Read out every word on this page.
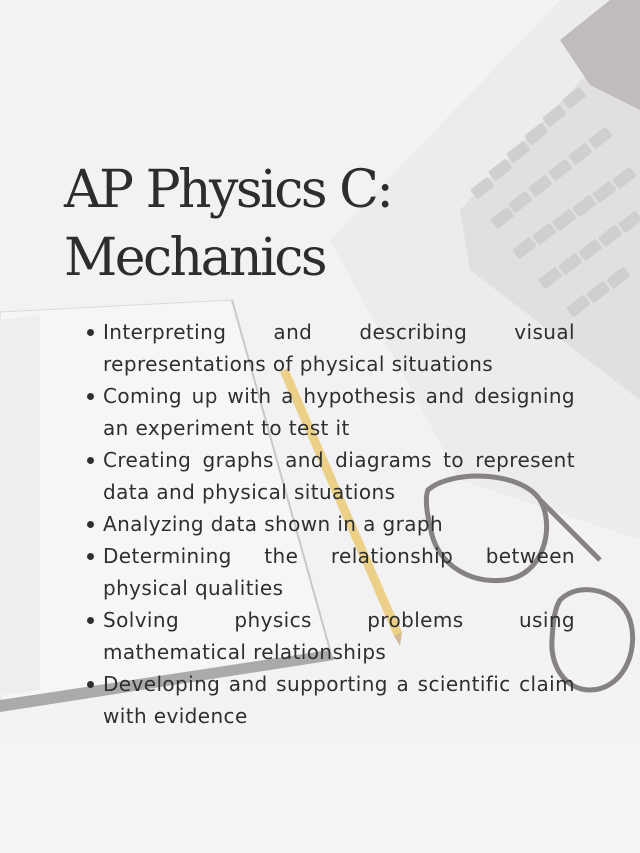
AP Physics C:
Mechanics
Interpreting and describing visual representations of physical situations
Coming up with a hypothesis and designing an experiment to test it
Creating graphs and diagrams to represent data and physical situations
Analyzing data shown in a graph
Determining the relationship between physical qualities
Solving physics problems using mathematical relationships
Developing and supporting a scientific claim with evidence
